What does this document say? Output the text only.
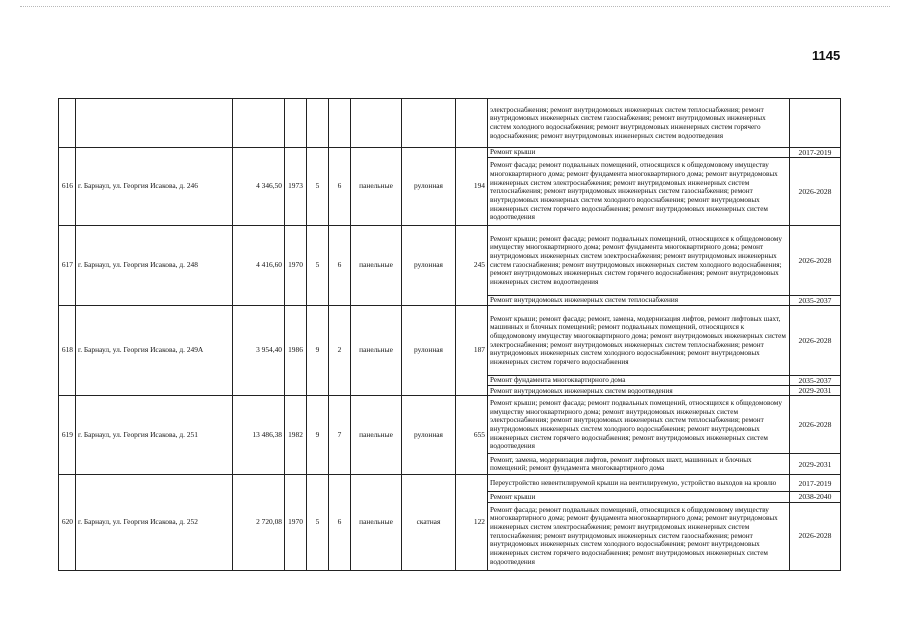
1145
									электроснабжения; ремонт внутридомовых инженерных систем теплоснабжения; ремонт внутридомовых инженерных систем газоснабжения; ремонт внутридомовых инженерных систем холодного водоснабжения; ремонт внутридомовых инженерных систем горячего водоснабжения; ремонт внутридомовых инженерных систем водоотведения	
616	г. Барнаул, ул. Георгия Исакова, д. 246	4 346,50	1973	5	6	панельные	рулонная	194	Ремонт крыши	2017-2019
									Ремонт фасада; ремонт подвальных помещений, относящихся к общедомовому имуществу многоквартирного дома; ремонт фундамента многоквартирного дома; ремонт внутридомовых инженерных систем электроснабжения; ремонт внутридомовых инженерных систем теплоснабжения; ремонт внутридомовых инженерных систем газоснабжения; ремонт внутридомовых инженерных систем холодного водоснабжения; ремонт внутридомовых инженерных систем горячего водоснабжения; ремонт внутридомовых инженерных систем водоотведения	2026-2028
617	г. Барнаул, ул. Георгия Исакова, д. 248	4 416,60	1970	5	6	панельные	рулонная	245	Ремонт крыши; ремонт фасада; ремонт подвальных помещений, относящихся к общедомовому имуществу многоквартирного дома; ремонт фундамента многоквартирного дома; ремонт внутридомовых инженерных систем электроснабжения; ремонт внутридомовых инженерных систем газоснабжения; ремонт внутридомовых инженерных систем холодного водоснабжения; ремонт внутридомовых инженерных систем горячего водоснабжения; ремонт внутридомовых инженерных систем водоотведения	2026-2028
									Ремонт внутридомовых инженерных систем теплоснабжения	2035-2037
618	г. Барнаул, ул. Георгия Исакова, д. 249А	3 954,40	1986	9	2	панельные	рулонная	187	Ремонт крыши; ремонт фасада; ремонт, замена, модернизация лифтов, ремонт лифтовых шахт, машинных и блочных помещений; ремонт подвальных помещений, относящихся к общедомовому имуществу многоквартирного дома; ремонт внутридомовых инженерных систем электроснабжения; ремонт внутридомовых инженерных систем теплоснабжения; ремонт внутридомовых инженерных систем холодного водоснабжения; ремонт внутридомовых инженерных систем горячего водоснабжения	2026-2028
									Ремонт фундамента многоквартирного дома	2035-2037
									Ремонт внутридомовых инженерных систем водоотведения	2029-2031
619	г. Барнаул, ул. Георгия Исакова, д. 251	13 486,38	1982	9	7	панельные	рулонная	655	Ремонт крыши; ремонт фасада; ремонт подвальных помещений, относящихся к общедомовому имуществу многоквартирного дома; ремонт внутридомовых инженерных систем электроснабжения; ремонт внутридомовых инженерных систем теплоснабжения; ремонт внутридомовых инженерных систем холодного водоснабжения; ремонт внутридомовых инженерных систем горячего водоснабжения; ремонт внутридомовых инженерных систем водоотведения	2026-2028
									Ремонт, замена, модернизация лифтов, ремонт лифтовых шахт, машинных и блочных помещений; ремонт фундамента многоквартирного дома	2029-2031
620	г. Барнаул, ул. Георгия Исакова, д. 252	2 720,08	1970	5	6	панельные	скатная	122	Переустройство невентилируемой крыши на вентилируемую, устройство выходов на кровлю	2017-2019
									Ремонт крыши	2038-2040
									Ремонт фасада; ремонт подвальных помещений, относящихся к общедомовому имуществу многоквартирного дома; ремонт фундамента многоквартирного дома; ремонт внутридомовых инженерных систем электроснабжения; ремонт внутридомовых инженерных систем теплоснабжения; ремонт внутридомовых инженерных систем газоснабжения; ремонт внутридомовых инженерных систем холодного водоснабжения; ремонт внутридомовых инженерных систем горячего водоснабжения; ремонт внутридомовых инженерных систем водоотведения	2026-2028
